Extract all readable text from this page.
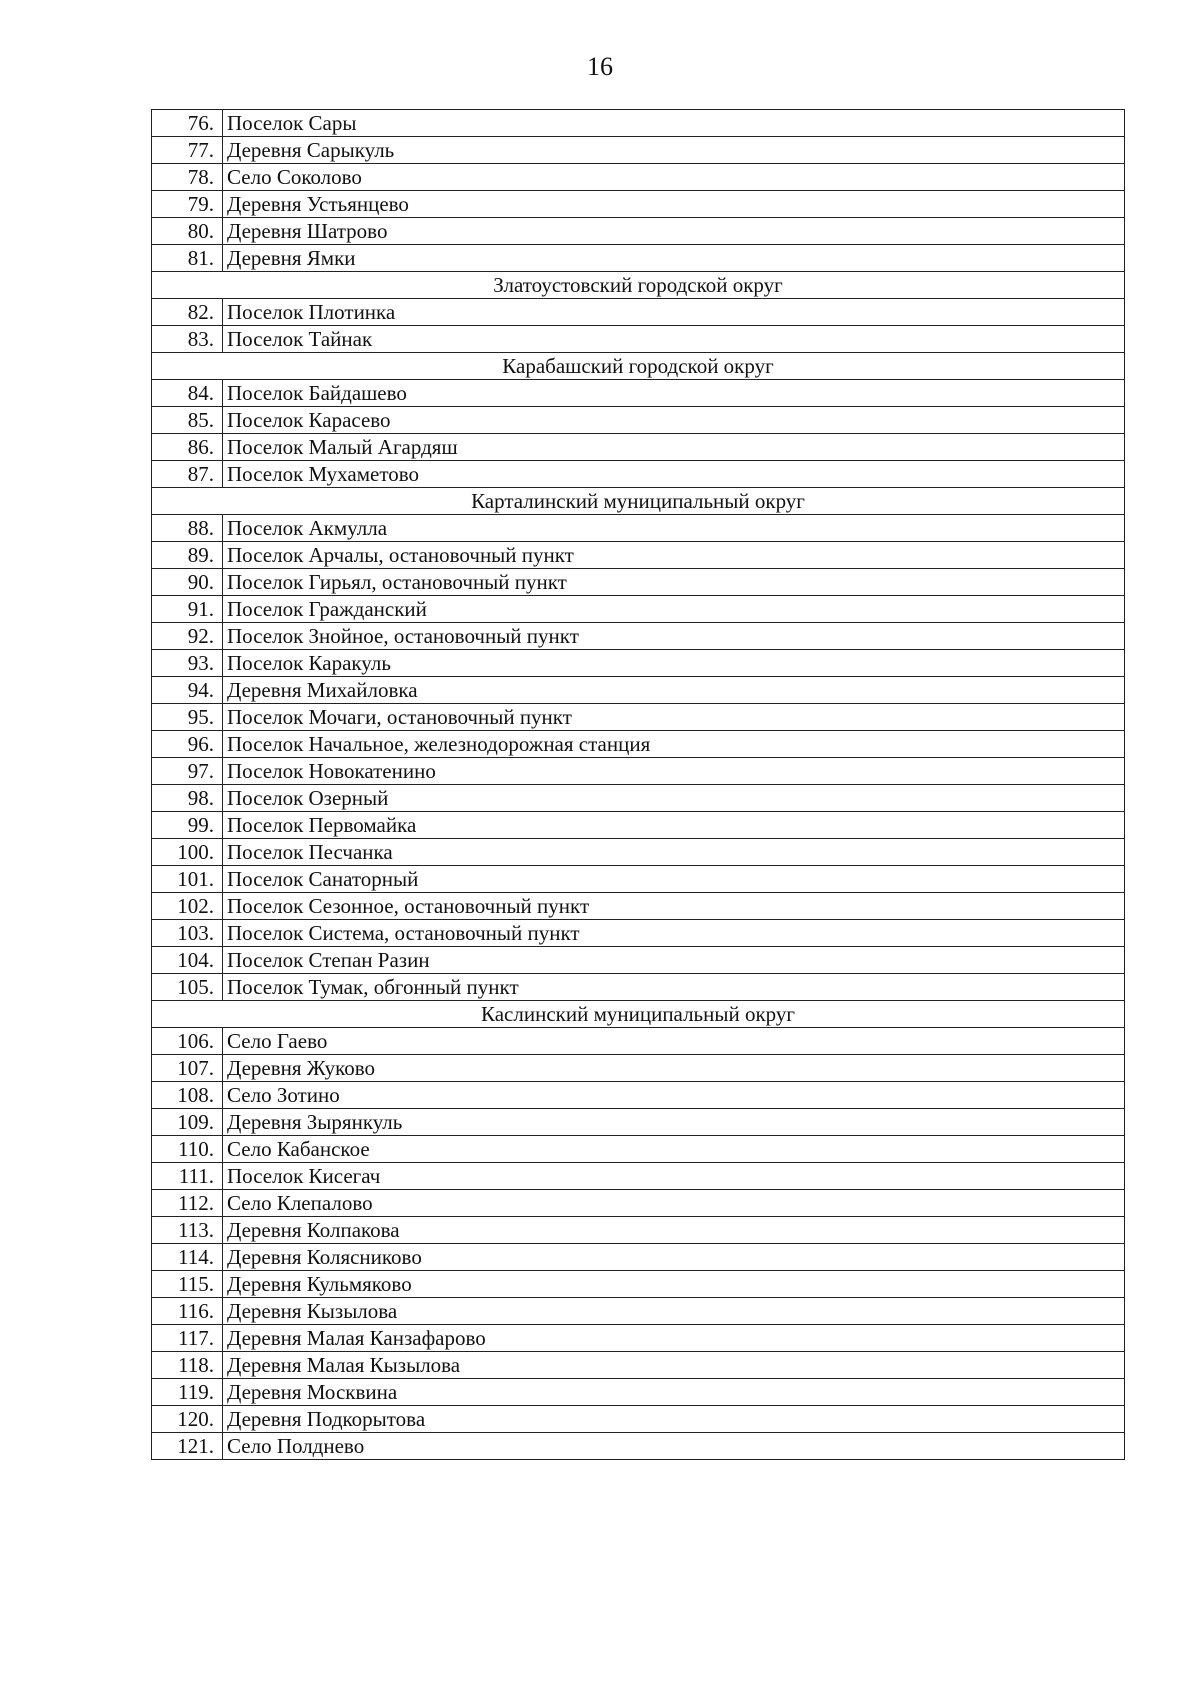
16
76.	Поселок Сары
77.	Деревня Сарыкуль
78.	Село Соколово
79.	Деревня Устьянцево
80.	Деревня Шатрово
81.	Деревня Ямки
Златоустовский городской округ	
82.	Поселок Плотинка
83.	Поселок Тайнак
Карабашский городской округ	
84.	Поселок Байдашево
85.	Поселок Карасево
86.	Поселок Малый Агардяш
87.	Поселок Мухаметово
Карталинский муниципальный округ	
88.	Поселок Акмулла
89.	Поселок Арчалы, остановочный пункт
90.	Поселок Гирьял, остановочный пункт
91.	Поселок Гражданский
92.	Поселок Знойное, остановочный пункт
93.	Поселок Каракуль
94.	Деревня Михайловка
95.	Поселок Мочаги, остановочный пункт
96.	Поселок Начальное, железнодорожная станция
97.	Поселок Новокатенино
98.	Поселок Озерный
99.	Поселок Первомайка
100.	Поселок Песчанка
101.	Поселок Санаторный
102.	Поселок Сезонное, остановочный пункт
103.	Поселок Система, остановочный пункт
104.	Поселок Степан Разин
105.	Поселок Тумак, обгонный пункт
Каслинский муниципальный округ	
106.	Село Гаево
107.	Деревня Жуково
108.	Село Зотино
109.	Деревня Зырянкуль
110.	Село Кабанское
111.	Поселок Кисегач
112.	Село Клепалово
113.	Деревня Колпакова
114.	Деревня Колясниково
115.	Деревня Кульмяково
116.	Деревня Кызылова
117.	Деревня Малая Канзафарово
118.	Деревня Малая Кызылова
119.	Деревня Москвина
120.	Деревня Подкорытова
121.	Село Полднево
